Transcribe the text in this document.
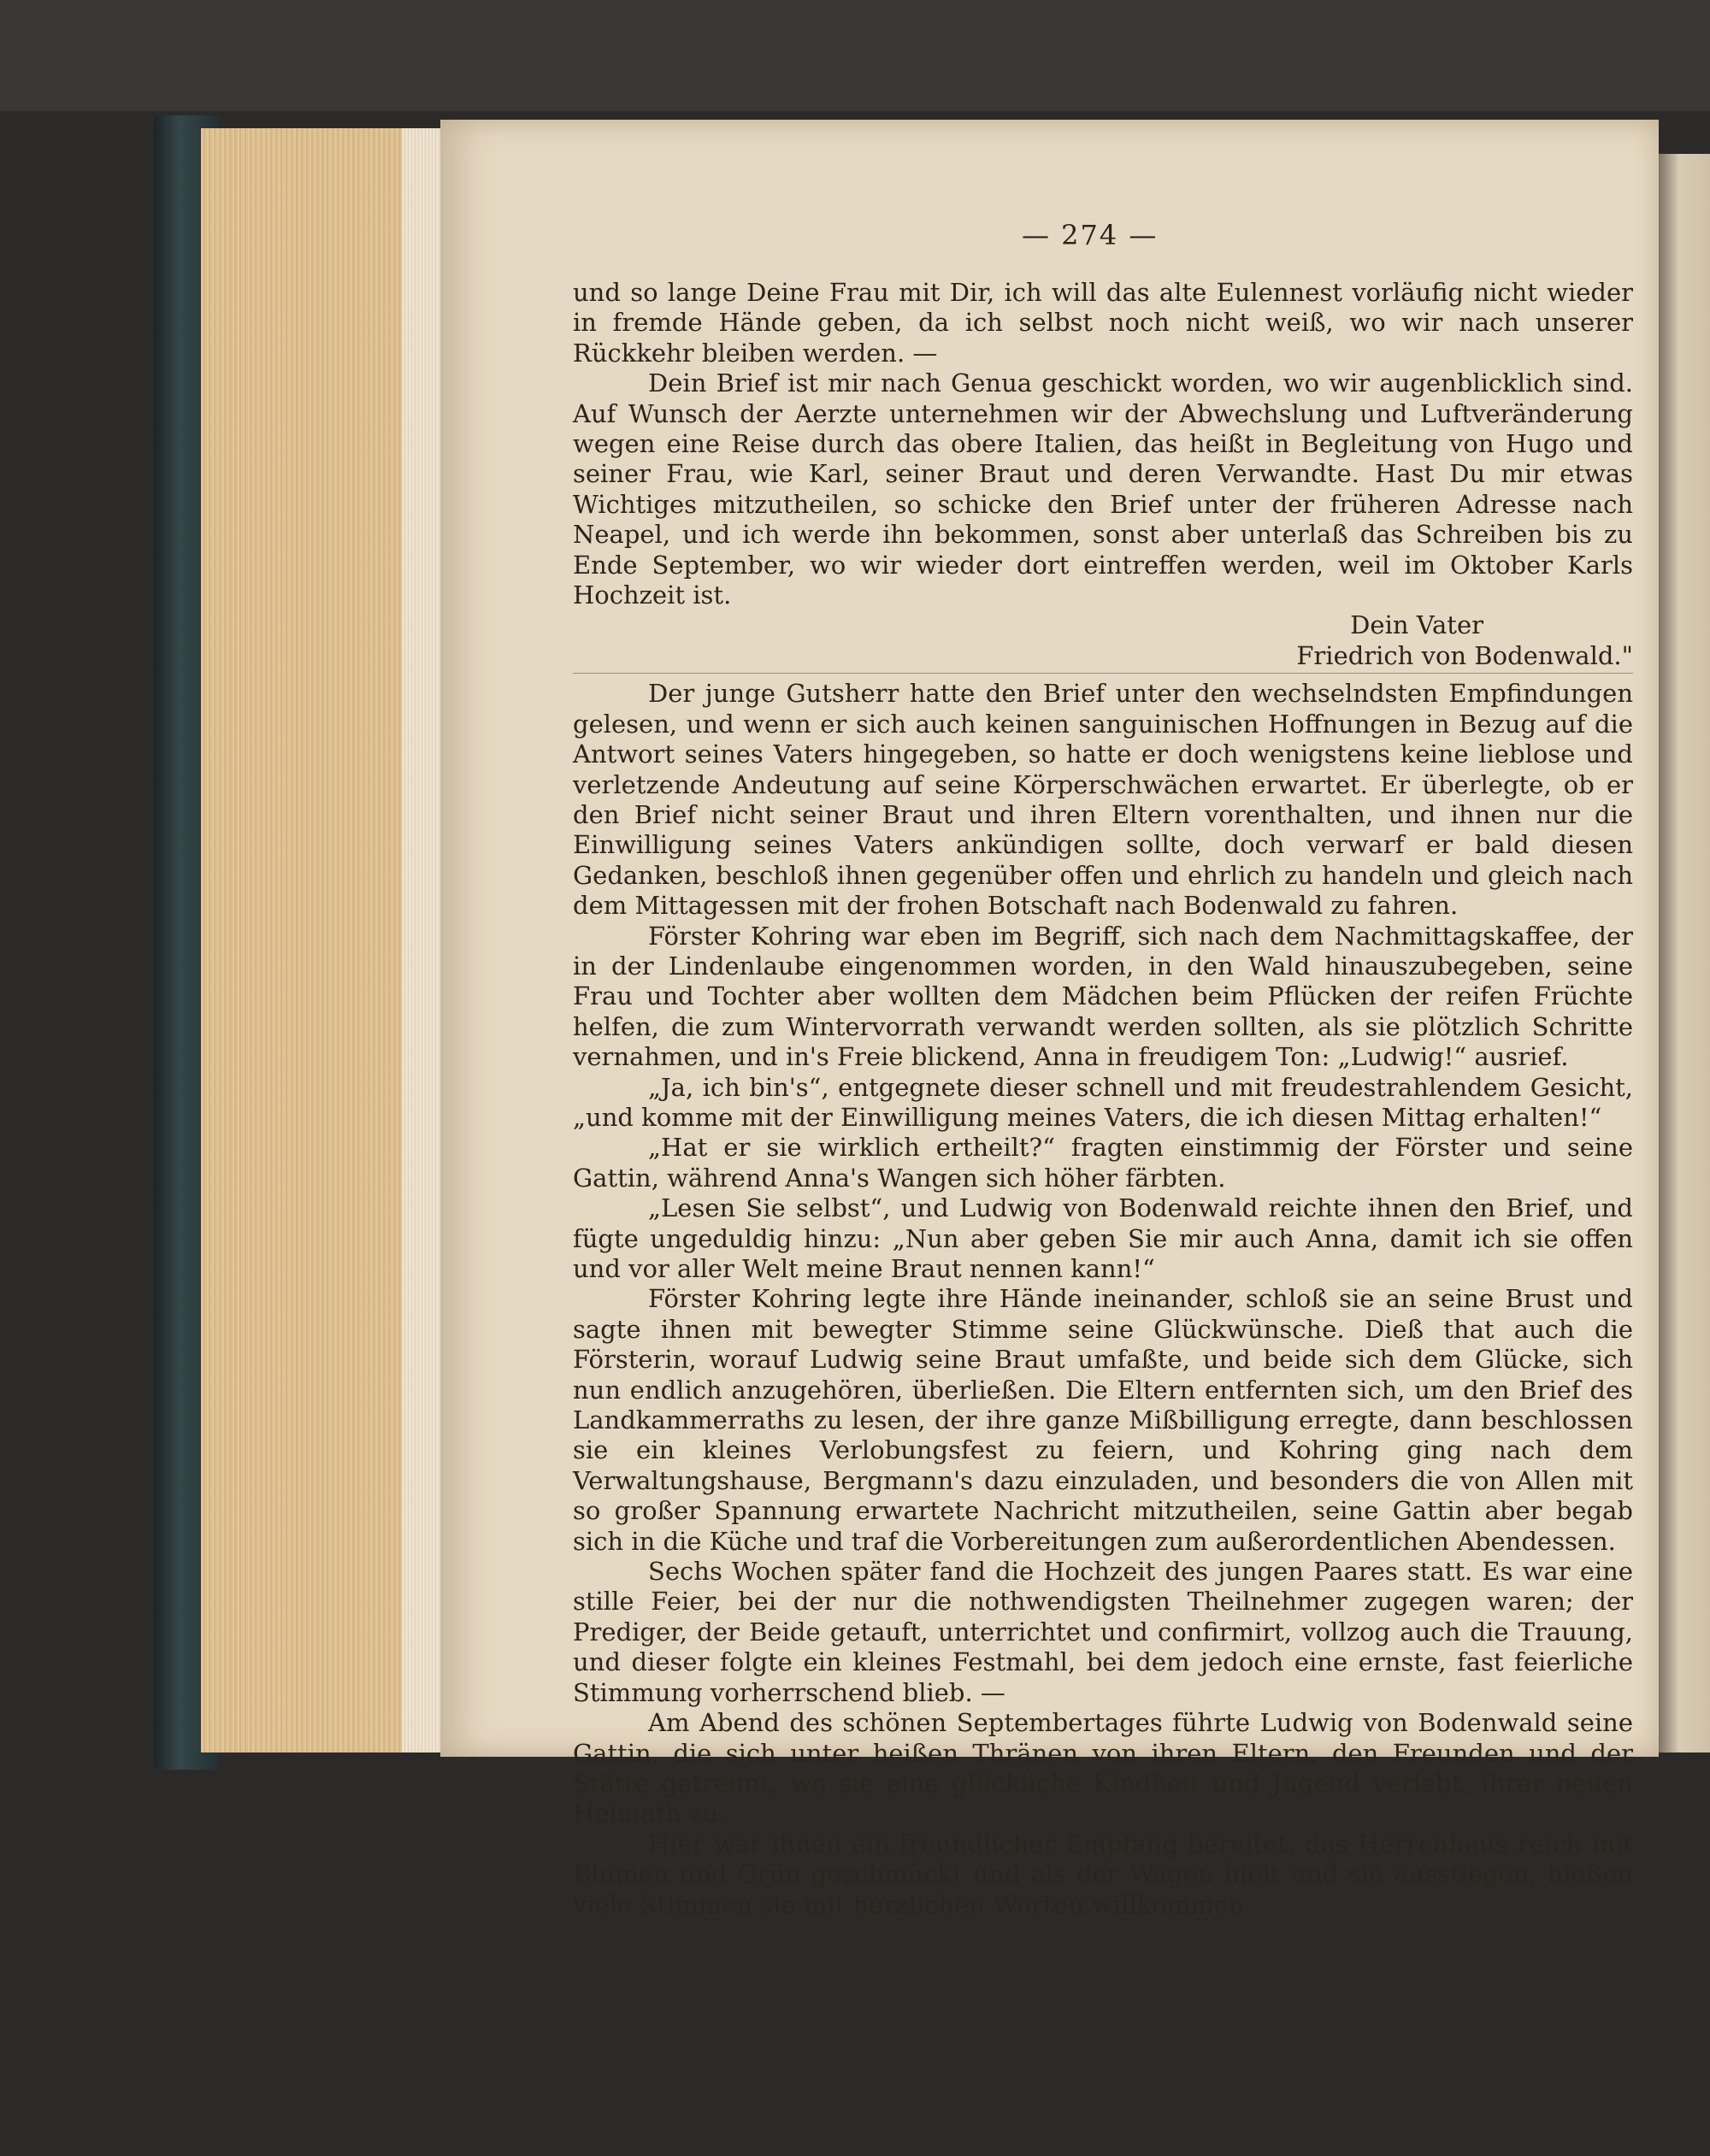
— 274 —

und so lange Deine Frau mit Dir, ich will das alte Eulennest vorläufig nicht wieder in fremde Hände geben, da ich selbst noch nicht weiß, wo wir nach unserer Rückkehr bleiben werden. —

Dein Brief ist mir nach Genua geschickt worden, wo wir augenblicklich sind. Auf Wunsch der Aerzte unternehmen wir der Abwechslung und Luftveränderung wegen eine Reise durch das obere Italien, das heißt in Begleitung von Hugo und seiner Frau, wie Karl, seiner Braut und deren Verwandte. Hast Du mir etwas Wichtiges mitzutheilen, so schicke den Brief unter der früheren Adresse nach Neapel, und ich werde ihn bekommen, sonst aber unterlaß das Schreiben bis zu Ende September, wo wir wieder dort eintreffen werden, weil im Oktober Karls Hochzeit ist.

Dein Vater
Friedrich von Bodenwald."

Der junge Gutsherr hatte den Brief unter den wechselndsten Empfindungen gelesen, und wenn er sich auch keinen sanguinischen Hoffnungen in Bezug auf die Antwort seines Vaters hingegeben, so hatte er doch wenigstens keine lieblose und verletzende Andeutung auf seine Körperschwächen erwartet. Er überlegte, ob er den Brief nicht seiner Braut und ihren Eltern vorenthalten, und ihnen nur die Einwilligung seines Vaters ankündigen sollte, doch verwarf er bald diesen Gedanken, beschloß ihnen gegenüber offen und ehrlich zu handeln und gleich nach dem Mittagessen mit der frohen Botschaft nach Bodenwald zu fahren.

Förster Kohring war eben im Begriff, sich nach dem Nachmittagskaffee, der in der Lindenlaube eingenommen worden, in den Wald hinauszubegeben, seine Frau und Tochter aber wollten dem Mädchen beim Pflücken der reifen Früchte helfen, die zum Wintervorrath verwandt werden sollten, als sie plötzlich Schritte vernahmen, und in's Freie blickend, Anna in freudigem Ton: „Ludwig!“ ausrief.

„Ja, ich bin's“, entgegnete dieser schnell und mit freudestrahlendem Gesicht, „und komme mit der Einwilligung meines Vaters, die ich diesen Mittag erhalten!“

„Hat er sie wirklich ertheilt?“ fragten einstimmig der Förster und seine Gattin, während Anna's Wangen sich höher färbten.

„Lesen Sie selbst“, und Ludwig von Bodenwald reichte ihnen den Brief, und fügte ungeduldig hinzu: „Nun aber geben Sie mir auch Anna, damit ich sie offen und vor aller Welt meine Braut nennen kann!“

Förster Kohring legte ihre Hände ineinander, schloß sie an seine Brust und sagte ihnen mit bewegter Stimme seine Glückwünsche. Dieß that auch die Försterin, worauf Ludwig seine Braut umfaßte, und beide sich dem Glücke, sich nun endlich anzugehören, überließen. Die Eltern entfernten sich, um den Brief des Landkammerraths zu lesen, der ihre ganze Mißbilligung erregte, dann beschlossen sie ein kleines Verlobungsfest zu feiern, und Kohring ging nach dem Verwaltungshause, Bergmann's dazu einzuladen, und besonders die von Allen mit so großer Spannung erwartete Nachricht mitzutheilen, seine Gattin aber begab sich in die Küche und traf die Vorbereitungen zum außerordentlichen Abendessen.

Sechs Wochen später fand die Hochzeit des jungen Paares statt. Es war eine stille Feier, bei der nur die nothwendigsten Theilnehmer zugegen waren; der Prediger, der Beide getauft, unterrichtet und confirmirt, vollzog auch die Trauung, und dieser folgte ein kleines Festmahl, bei dem jedoch eine ernste, fast feierliche Stimmung vorherrschend blieb. —

Am Abend des schönen Septembertages führte Ludwig von Bodenwald seine Gattin, die sich unter heißen Thränen von ihren Eltern, den Freunden und der Stätte getrennt, wo sie eine glückliche Kindheit und Jugend verlebt, ihrer neuen Heimath zu.

Hier war ihnen ein freundlicher Empfang bereitet, das Herrenhaus reich mit Blumen und Grün geschmückt und als der Wagen hielt und sie ausstiegen, hießen viele Stimmen sie mit herzlichen Worten willkommen.
